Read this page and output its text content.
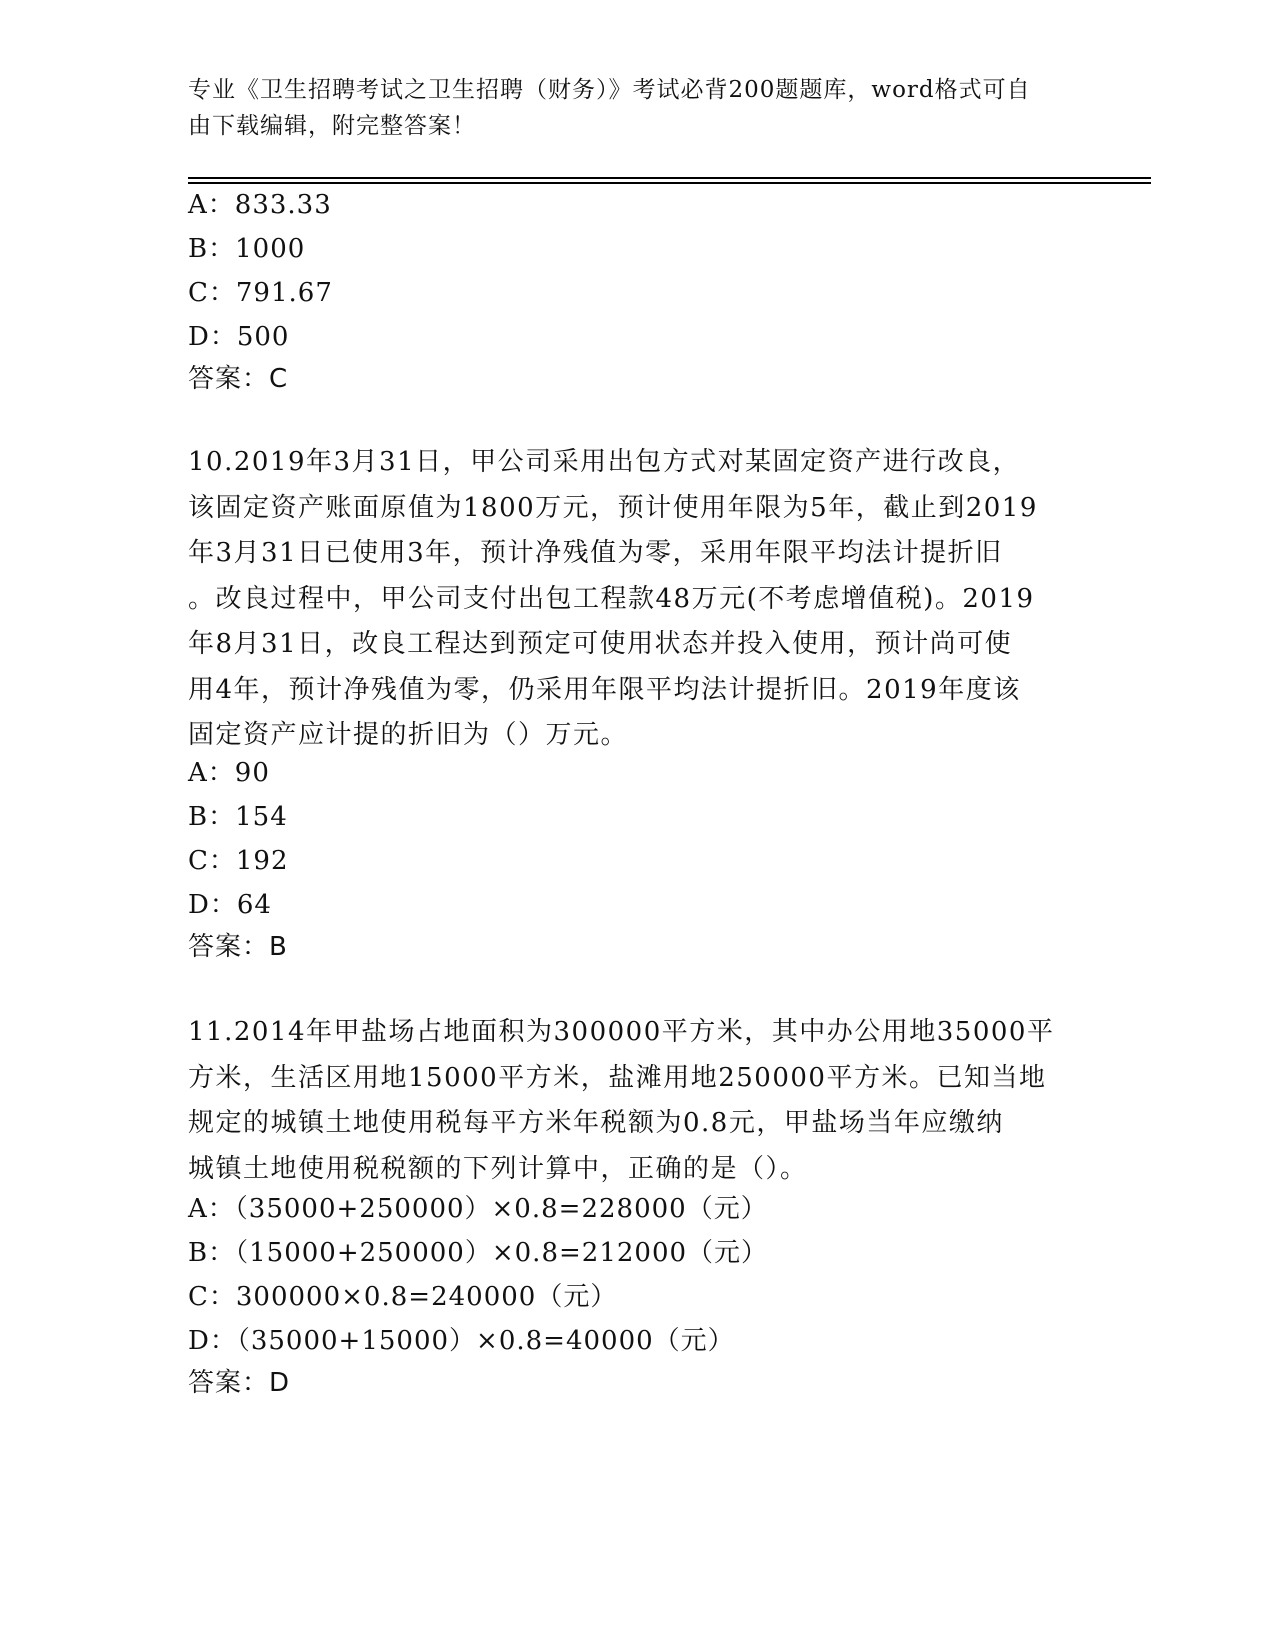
专业《卫生招聘考试之卫生招聘（财务）》考试必背200题题库，word格式可自
由下载编辑，附完整答案！
A：833.33
B：1000
C：791.67
D：500
答案：C
10.2019年3月31日，甲公司采用出包方式对某固定资产进行改良，
该固定资产账面原值为1800万元，预计使用年限为5年，截止到2019
年3月31日已使用3年，预计净残值为零，采用年限平均法计提折旧
。改良过程中，甲公司支付出包工程款48万元(不考虑增值税)。2019
年8月31日，改良工程达到预定可使用状态并投入使用，预计尚可使
用4年，预计净残值为零，仍采用年限平均法计提折旧。2019年度该
固定资产应计提的折旧为（）万元。
A：90
B：154
C：192
D：64
答案：B
11.2014年甲盐场占地面积为300000平方米，其中办公用地35000平
方米，生活区用地15000平方米，盐滩用地250000平方米。已知当地
规定的城镇土地使用税每平方米年税额为0.8元，甲盐场当年应缴纳
城镇土地使用税税额的下列计算中，正确的是（）。
A：（35000+250000）×0.8=228000（元）
B：（15000+250000）×0.8=212000（元）
C：300000×0.8=240000（元）
D：（35000+15000）×0.8=40000（元）
答案：D
